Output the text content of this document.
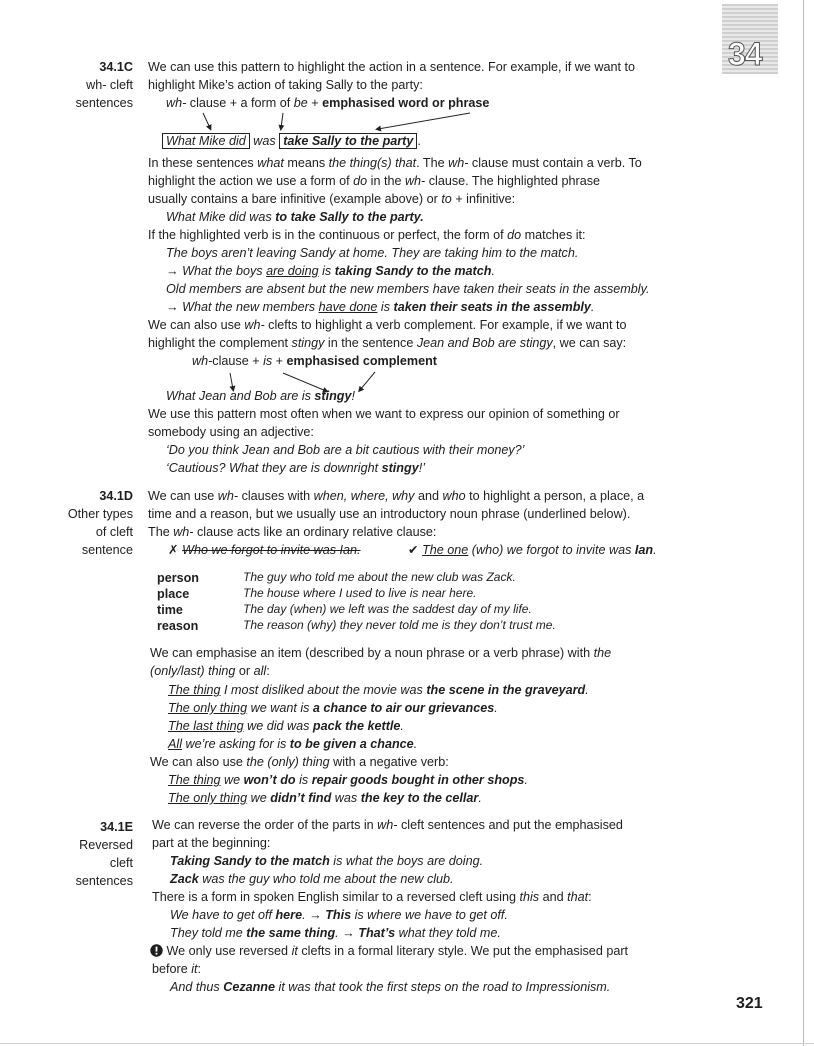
34
34.1C
wh- cleft
sentences
We can use this pattern to highlight the action in a sentence. For example, if we want to
highlight Mike’s action of taking Sally to the party:
wh- clause + a form of be + emphasised word or phrase
What Mike did was take Sally to the party .
In these sentences what means the thing(s) that. The wh- clause must contain a verb. To
highlight the action we use a form of do in the wh- clause. The highlighted phrase
usually contains a bare infinitive (example above) or to + infinitive:
What Mike did was to take Sally to the party.
If the highlighted verb is in the continuous or perfect, the form of do matches it:
The boys aren’t leaving Sandy at home. They are taking him to the match.
→ What the boys are doing is taking Sandy to the match.
Old members are absent but the new members have taken their seats in the assembly.
→ What the new members have done is taken their seats in the assembly.
We can also use wh- clefts to highlight a verb complement. For example, if we want to
highlight the complement stingy in the sentence Jean and Bob are stingy, we can say:
wh-clause + is + emphasised complement
What Jean and Bob are is stingy!
We use this pattern most often when we want to express our opinion of something or
somebody using an adjective:
‘Do you think Jean and Bob are a bit cautious with their money?’
‘Cautious? What they are is downright stingy!’
34.1D
Other types
of cleft
sentence
We can use wh- clauses with when, where, why and who to highlight a person, a place, a
time and a reason, but we usually use an introductory noun phrase (underlined below).
The wh- clause acts like an ordinary relative clause:
✗ Who we forgot to invite was Ian.	✔ The one (who) we forgot to invite was Ian.
person	The guy who told me about the new club was Zack.
place	The house where I used to live is near here.
time	The day (when) we left was the saddest day of my life.
reason	The reason (why) they never told me is they don’t trust me.
We can emphasise an item (described by a noun phrase or a verb phrase) with the
(only/last) thing or all:
The thing I most disliked about the movie was the scene in the graveyard.
The only thing we want is a chance to air our grievances.
The last thing we did was pack the kettle.
All we’re asking for is to be given a chance.
We can also use the (only) thing with a negative verb:
The thing we won’t do is repair goods bought in other shops.
The only thing we didn’t find was the key to the cellar.
34.1E
Reversed
cleft
sentences
We can reverse the order of the parts in wh- cleft sentences and put the emphasised
part at the beginning:
Taking Sandy to the match is what the boys are doing.
Zack was the guy who told me about the new club.
There is a form in spoken English similar to a reversed cleft using this and that:
We have to get off here. → This is where we have to get off.
They told me the same thing. → That’s what they told me.
We only use reversed it clefts in a formal literary style. We put the emphasised part
before it:
And thus Cezanne it was that took the first steps on the road to Impressionism.
321
